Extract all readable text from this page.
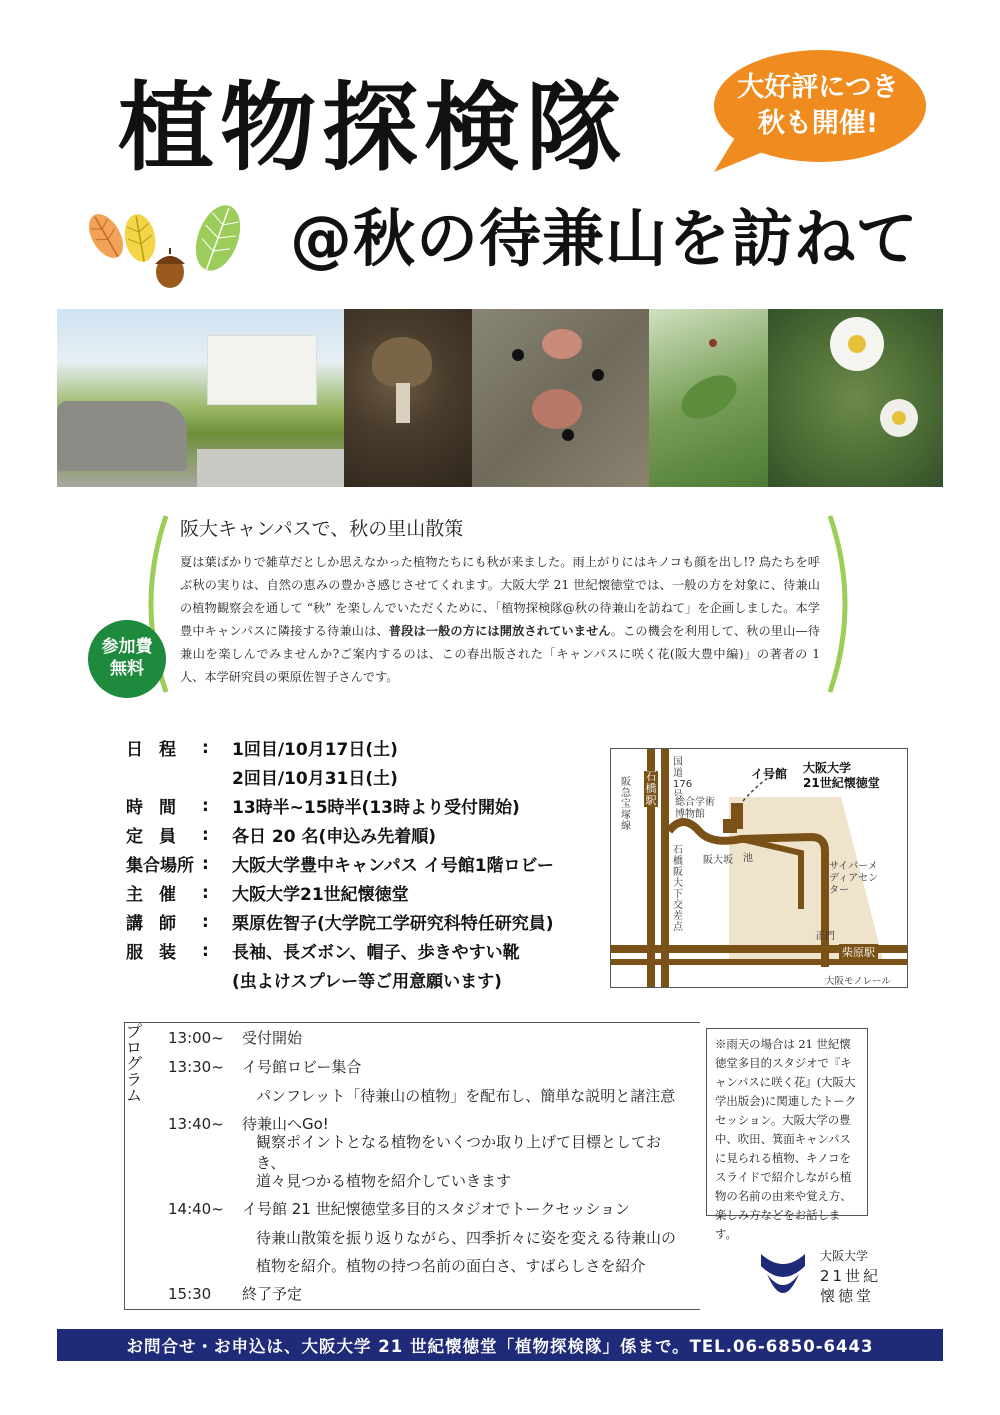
植物探検隊
@秋の待兼山を訪ねて
大好評につき
秋も開催!
阪大キャンパスで、秋の里山散策
夏は葉ばかりで雑草だとしか思えなかった植物たちにも秋が来ました。雨上がりにはキノコも顔を出し!? 鳥たちを呼ぶ秋の実りは、自然の恵みの豊かさ感じさせてくれます。大阪大学 21 世紀懐徳堂では、一般の方を対象に、待兼山の植物観察会を通して “秋” を楽しんでいただくために、「植物探検隊@秋の待兼山を訪ねて」を企画しました。本学豊中キャンパスに隣接する待兼山は、普段は一般の方には開放されていません。この機会を利用して、秋の里山—待兼山を楽しんでみませんか?ご案内するのは、この春出版された「キャンパスに咲く花(阪大豊中編)」の著者の 1 人、本学研究員の栗原佐智子さんです。
参加費
無料
日程 :	1回目/10月17日(土)
2回目/10月31日(土)
時間 :	13時半~15時半(13時より受付開始)
定員 :	各日 20 名(申込み先着順)
集合場所 :	大阪大学豊中キャンパス イ号館1階ロビー
主催 :	大阪大学21世紀懐徳堂
講師 :	栗原佐智子(大学院工学研究科特任研究員)
服装 :	長袖、長ズボン、帽子、歩きやすい靴
(虫よけスプレー等ご用意願います)
石橋駅
阪急宝塚線
国道176号
総合学術博物館
イ号館 大阪大学
21世紀懐徳堂
石橋阪大下交差点
阪大坂 池
サイバーメディアセンター
正門
柴原駅
大阪モノレール
プログラム
13:00~	受付開始
13:30~	イ号館ロビー集合
パンフレット「待兼山の植物」を配布し、簡単な説明と諸注意
13:40~	待兼山へGo!
観察ポイントとなる植物をいくつか取り上げて目標としておき、
道々見つかる植物を紹介していきます
14:40~	イ号館 21 世紀懐徳堂多目的スタジオでトークセッション
待兼山散策を振り返りながら、四季折々に姿を変える待兼山の
植物を紹介。植物の持つ名前の面白さ、すばらしさを紹介
15:30	終了予定
※雨天の場合は 21 世紀懐徳堂多目的スタジオで『キャンパスに咲く花』(大阪大学出版会)に関連したトークセッション。大阪大学の豊中、吹田、箕面キャンパスに見られる植物、キノコをスライドで紹介しながら植物の名前の由来や覚え方、楽しみ方などをお話します。
大阪大学
21世紀
懐徳堂
お問合せ・お申込は、大阪大学 21 世紀懐徳堂「植物探検隊」係まで。TEL.06-6850-6443
